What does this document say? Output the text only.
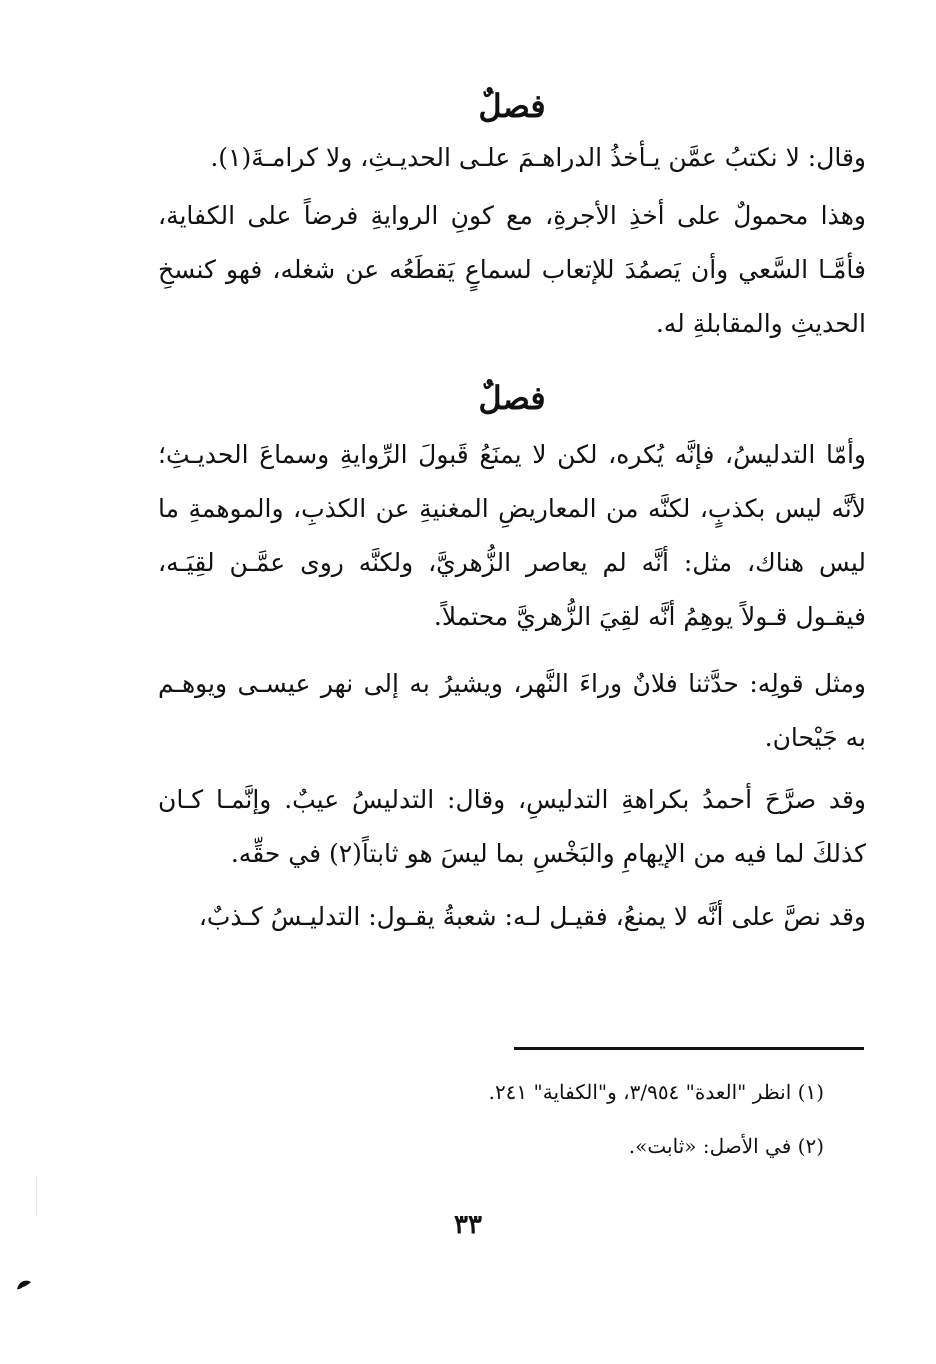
فصلٌ
وقال: لا نكتبُ عمَّن يـأخذُ الدراهـمَ علـى الحديـثِ، ولا كرامـةَ(١).
وهذا محمولٌ على أخذِ الأجرةِ، مع كونِ الروايةِ فرضاً على الكفاية، فأمَّـا السَّعي وأن يَصمُدَ للإتعاب لسماعٍ يَقطَعُه عن شغله، فهو كنسخِ الحديثِ والمقابلةِ له.
فصلٌ
وأمّا التدليسُ، فإنَّه يُكره، لكن لا يمنَعُ قَبولَ الرِّوايةِ وسماعَ الحديـثِ؛ لأنَّه ليس بكذبٍ، لكنَّه من المعاريضِ المغنيةِ عن الكذبِ، والموهمةِ ما ليس هناك، مثل: أنَّه لم يعاصر الزُّهريَّ، ولكنَّه روى عمَّـن لقِيَـه، فيقـول قـولاً يوهِمُ أنَّه لقِيَ الزُّهريَّ محتملاً.
ومثل قولِه: حدَّثنا فلانٌ وراءَ النَّهر، ويشيرُ به إلى نهر عيسـى ويوهـم به جَيْحان.
وقد صرَّحَ أحمدُ بكراهةِ التدليسِ، وقال: التدليسُ عيبٌ. وإنَّمـا كـان كذلكَ لما فيه من الإيهامِ والبَخْسِ بما ليسَ هو ثابتاً(٢) في حقِّه.
وقد نصَّ على أنَّه لا يمنعُ، فقيـل لـه: شعبةُ يقـول: التدليـسُ كـذبٌ،
(١) انظر "العدة" ٣/٩٥٤، و"الكفاية" ٢٤١.
(٢) في الأصل: «ثابت».
٣٣
